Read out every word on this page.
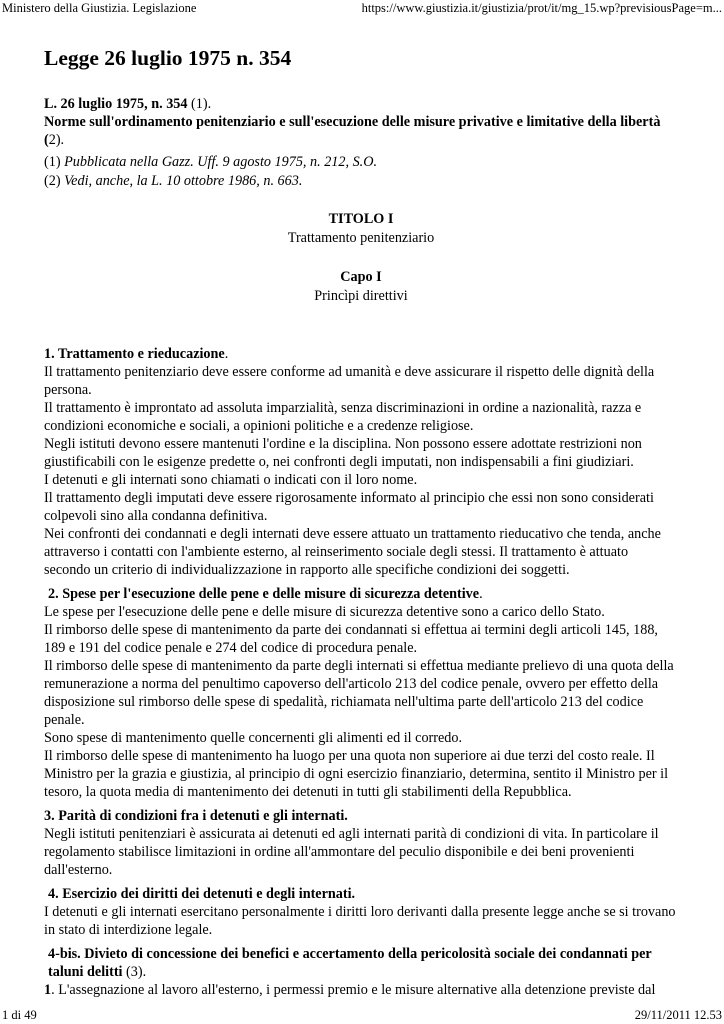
Ministero della Giustizia. Legislazione	https://www.giustizia.it/giustizia/prot/it/mg_15.wp?previsiousPage=m...
Legge 26 luglio 1975 n. 354
L. 26 luglio 1975, n. 354 (1).
Norme sull'ordinamento penitenziario e sull'esecuzione delle misure privative e limitative della libertà (2).
(1) Pubblicata nella Gazz. Uff. 9 agosto 1975, n. 212, S.O.
(2) Vedi, anche, la L. 10 ottobre 1986, n. 663.
TITOLO I
Trattamento penitenziario
Capo I
Princìpi direttivi
1. Trattamento e rieducazione.
Il trattamento penitenziario deve essere conforme ad umanità e deve assicurare il rispetto delle dignità della persona.
Il trattamento è improntato ad assoluta imparzialità, senza discriminazioni in ordine a nazionalità, razza e condizioni economiche e sociali, a opinioni politiche e a credenze religiose.
Negli istituti devono essere mantenuti l'ordine e la disciplina. Non possono essere adottate restrizioni non giustificabili con le esigenze predette o, nei confronti degli imputati, non indispensabili a fini giudiziari.
I detenuti e gli internati sono chiamati o indicati con il loro nome.
Il trattamento degli imputati deve essere rigorosamente informato al principio che essi non sono considerati colpevoli sino alla condanna definitiva.
Nei confronti dei condannati e degli internati deve essere attuato un trattamento rieducativo che tenda, anche attraverso i contatti con l'ambiente esterno, al reinserimento sociale degli stessi. Il trattamento è attuato secondo un criterio di individualizzazione in rapporto alle specifiche condizioni dei soggetti.
2. Spese per l'esecuzione delle pene e delle misure di sicurezza detentive.
Le spese per l'esecuzione delle pene e delle misure di sicurezza detentive sono a carico dello Stato.
Il rimborso delle spese di mantenimento da parte dei condannati si effettua ai termini degli articoli 145, 188, 189 e 191 del codice penale e 274 del codice di procedura penale.
Il rimborso delle spese di mantenimento da parte degli internati si effettua mediante prelievo di una quota della remunerazione a norma del penultimo capoverso dell'articolo 213 del codice penale, ovvero per effetto della disposizione sul rimborso delle spese di spedalità, richiamata nell'ultima parte dell'articolo 213 del codice penale.
Sono spese di mantenimento quelle concernenti gli alimenti ed il corredo.
Il rimborso delle spese di mantenimento ha luogo per una quota non superiore ai due terzi del costo reale. Il Ministro per la grazia e giustizia, al principio di ogni esercizio finanziario, determina, sentito il Ministro per il tesoro, la quota media di mantenimento dei detenuti in tutti gli stabilimenti della Repubblica.
3. Parità di condizioni fra i detenuti e gli internati.
Negli istituti penitenziari è assicurata ai detenuti ed agli internati parità di condizioni di vita. In particolare il regolamento stabilisce limitazioni in ordine all'ammontare del peculio disponibile e dei beni provenienti dall'esterno.
4. Esercizio dei diritti dei detenuti e degli internati.
I detenuti e gli internati esercitano personalmente i diritti loro derivanti dalla presente legge anche se si trovano in stato di interdizione legale.
4-bis. Divieto di concessione dei benefici e accertamento della pericolosità sociale dei condannati per taluni delitti (3).
1. L'assegnazione al lavoro all'esterno, i permessi premio e le misure alternative alla detenzione previste dal
1 di 49	29/11/2011 12.53
